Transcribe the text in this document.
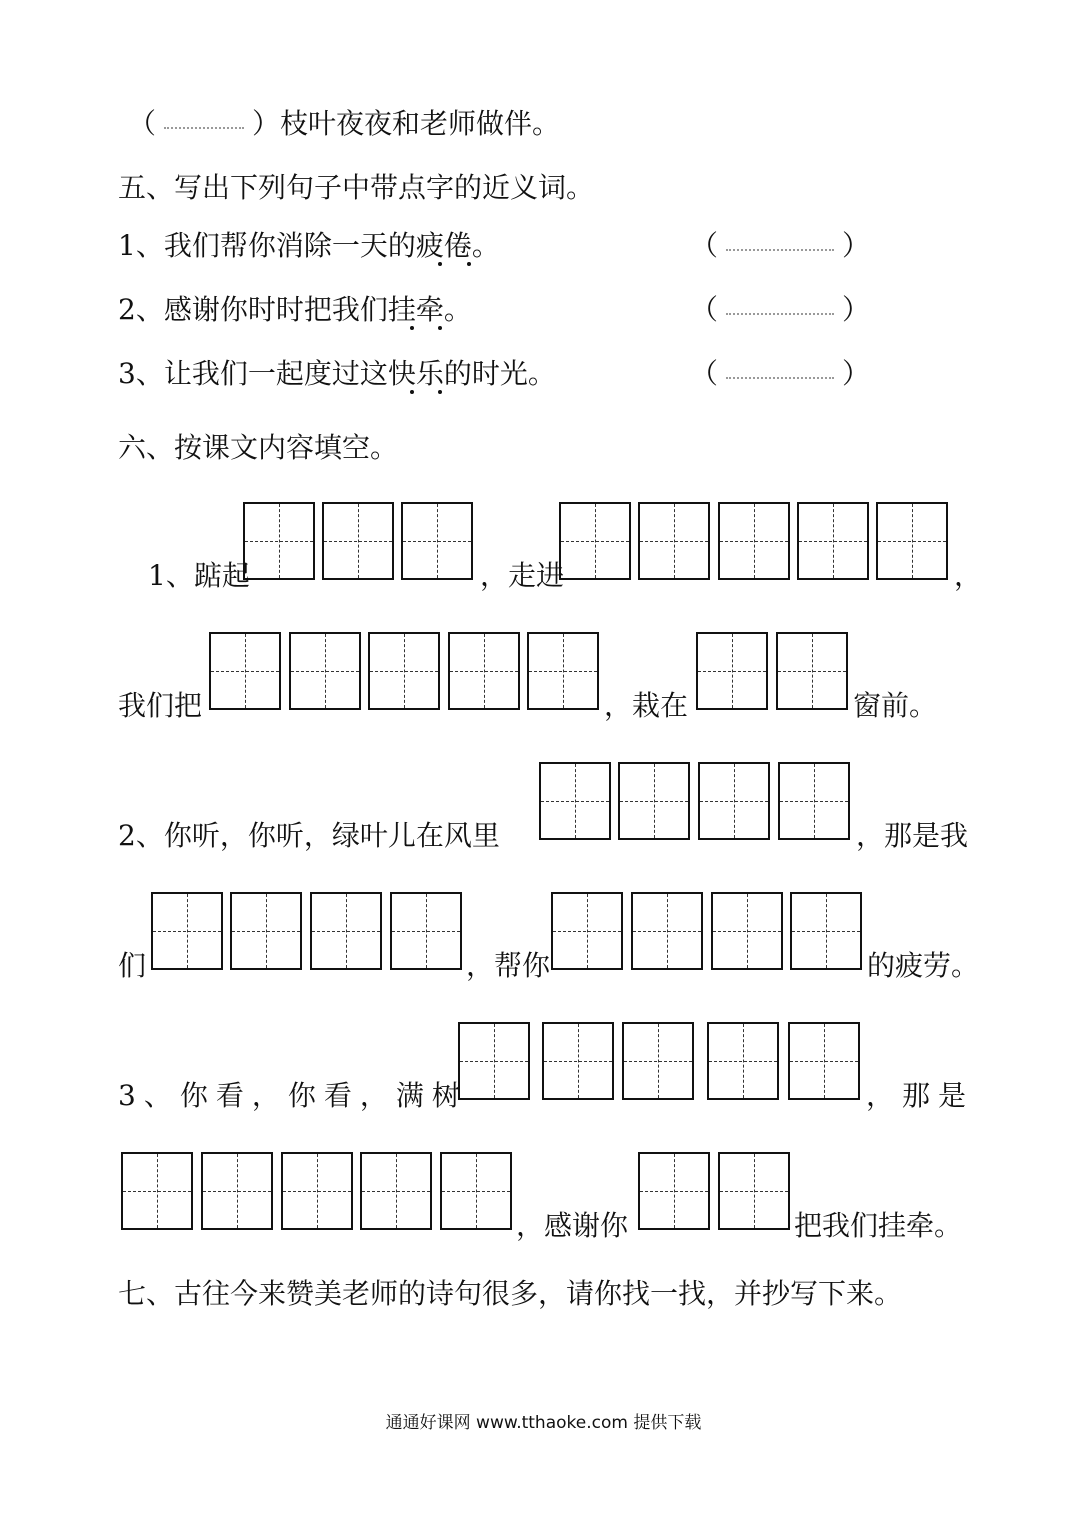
（	）枝叶夜夜和老师做伴。
五、写出下列句子中带点字的近义词。
1、我们帮你消除一天的疲倦。	（	）
2、感谢你时时把我们挂牵。	（	）
3、让我们一起度过这快乐的时光。	（	）
六、按课文内容填空。
1、踮起	，走进	，
我们把	，栽在	窗前。
2、你听，你听，绿叶儿在风里	，那是我
们	，帮你	的疲劳。
3、你看，你看，满树	，那是
，感谢你	把我们挂牵。
七、古往今来赞美老师的诗句很多，请你找一找，并抄写下来。
通通好课网 www.tthaoke.com 提供下载
